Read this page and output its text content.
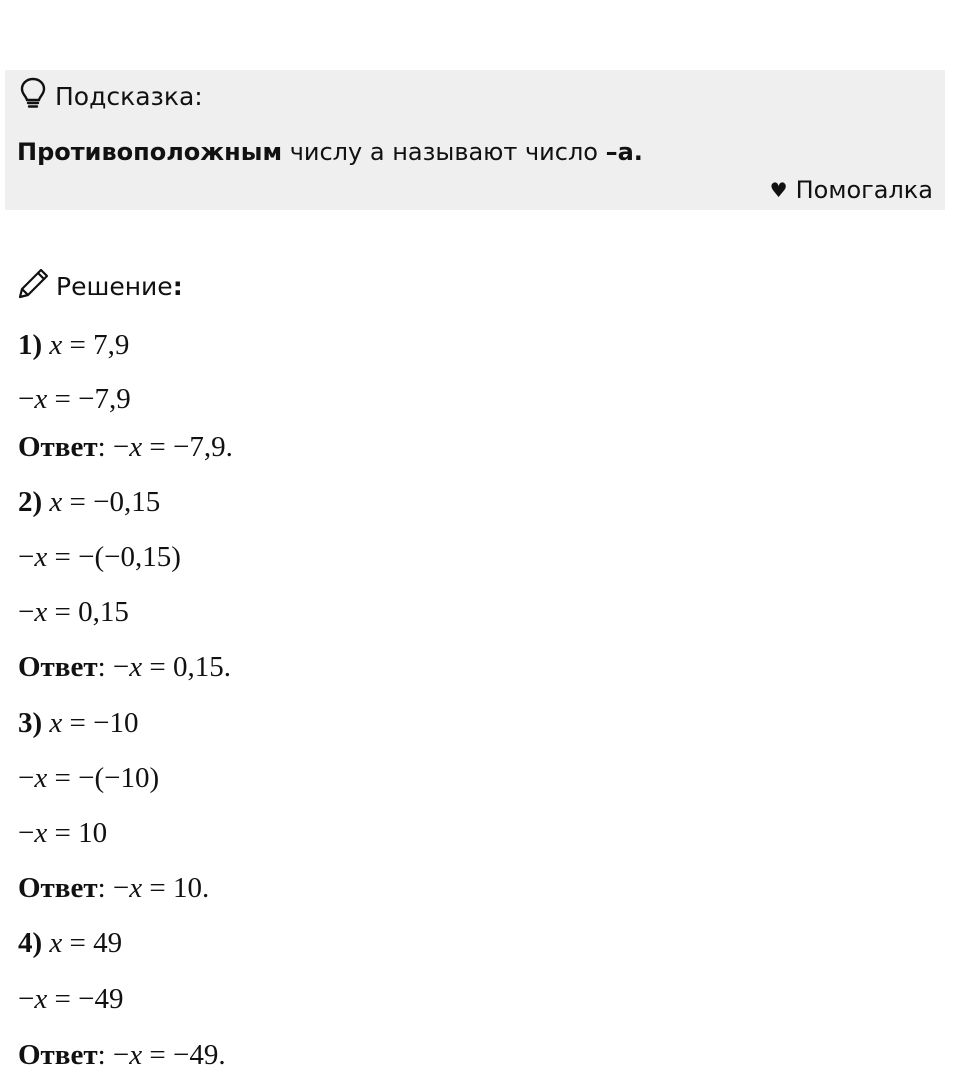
Подсказка:
Противоположным числу а называют число –а.
♥ Помогалка
Решение :
1) x = 7,9
−x = −7,9
Ответ: −x = −7,9.
2) x = −0,15
−x = −(−0,15)
−x = 0,15
Ответ: −x = 0,15.
3) x = −10
−x = −(−10)
−x = 10
Ответ: −x = 10.
4) x = 49
−x = −49
Ответ: −x = −49.
